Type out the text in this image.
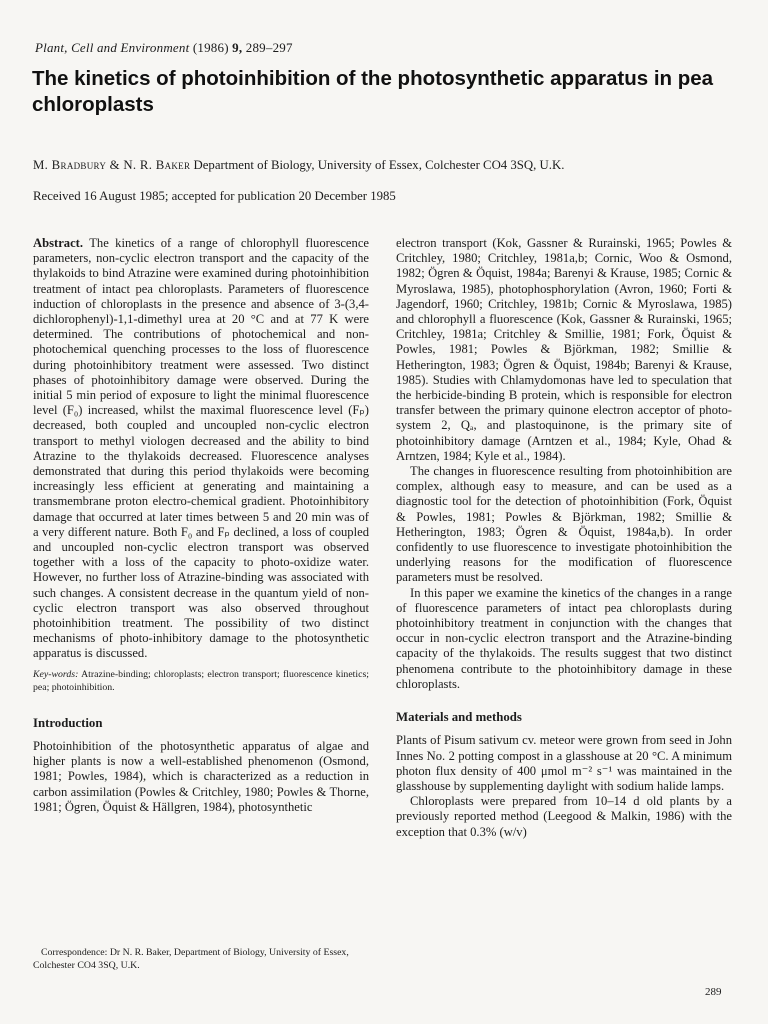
Plant, Cell and Environment (1986) 9, 289–297
The kinetics of photoinhibition of the photosynthetic apparatus in pea chloroplasts
M. Bradbury & N. R. Baker Department of Biology, University of Essex, Colchester CO4 3SQ, U.K.
Received 16 August 1985; accepted for publication 20 December 1985

Abstract. The kinetics of a range of chlorophyll fluorescence parameters, non-cyclic electron transport and the capacity of the thylakoids to bind Atrazine were examined during photoinhibition treatment of intact pea chloroplasts. Parameters of fluorescence induction of chloroplasts in the presence and absence of 3-(3,4-dichlorophenyl)-1,1-dimethyl urea at 20 °C and at 77 K were determined. The contributions of photochemical and non-photochemical quenching processes to the loss of fluorescence during photoinhibitory treatment were assessed. Two distinct phases of photoinhibitory damage were observed. During the initial 5 min period of exposure to light the minimal fluorescence level (F₀) increased, whilst the maximal fluorescence level (Fₚ) decreased, both coupled and uncoupled non-cyclic electron transport to methyl viologen decreased and the ability to bind Atrazine to the thylakoids decreased. Fluorescence analyses demonstrated that during this period thylakoids were becoming increasingly less efficient at generating and maintaining a transmembrane proton electro-chemical gradient. Photoinhibitory damage that occurred at later times between 5 and 20 min was of a very different nature. Both F₀ and Fₚ declined, a loss of coupled and uncoupled non-cyclic electron transport was observed together with a loss of the capacity to photo-oxidize water. However, no further loss of Atrazine-binding was associated with such changes. A consistent decrease in the quantum yield of non-cyclic electron transport was also observed throughout photoinhibition treatment. The possibility of two distinct mechanisms of photo-inhibitory damage to the photosynthetic apparatus is discussed.

Key-words: Atrazine-binding; chloroplasts; electron transport; fluorescence kinetics; pea; photoinhibition.

Introduction

Photoinhibition of the photosynthetic apparatus of algae and higher plants is now a well-established phenomenon (Osmond, 1981; Powles, 1984), which is characterized as a reduction in carbon assimilation (Powles & Critchley, 1980; Powles & Thorne, 1981; Ögren, Öquist & Hällgren, 1984), photosynthetic

Correspondence: Dr N. R. Baker, Department of Biology, University of Essex, Colchester CO4 3SQ, U.K.

electron transport (Kok, Gassner & Rurainski, 1965; Powles & Critchley, 1980; Critchley, 1981a,b; Cornic, Woo & Osmond, 1982; Ögren & Öquist, 1984a; Barenyi & Krause, 1985; Cornic & Myroslawa, 1985), photophosphorylation (Avron, 1960; Forti & Jagendorf, 1960; Critchley, 1981b; Cornic & Myroslawa, 1985) and chlorophyll a fluorescence (Kok, Gassner & Rurainski, 1965; Critchley, 1981a; Critchley & Smillie, 1981; Fork, Öquist & Powles, 1981; Powles & Björkman, 1982; Smillie & Hetherington, 1983; Ögren & Öquist, 1984b; Barenyi & Krause, 1985). Studies with Chlamydomonas have led to speculation that the herbicide-binding B protein, which is responsible for electron transfer between the primary quinone electron acceptor of photo-system 2, Qₐ, and plastoquinone, is the primary site of photoinhibitory damage (Arntzen et al., 1984; Kyle, Ohad & Arntzen, 1984; Kyle et al., 1984).

The changes in fluorescence resulting from photoinhibition are complex, although easy to measure, and can be used as a diagnostic tool for the detection of photoinhibition (Fork, Öquist & Powles, 1981; Powles & Björkman, 1982; Smillie & Hetherington, 1983; Ögren & Öquist, 1984a,b). In order confidently to use fluorescence to investigate photoinhibition the underlying reasons for the modification of fluorescence parameters must be resolved.

In this paper we examine the kinetics of the changes in a range of fluorescence parameters of intact pea chloroplasts during photoinhibitory treatment in conjunction with the changes that occur in non-cyclic electron transport and the Atrazine-binding capacity of the thylakoids. The results suggest that two distinct phenomena contribute to the photoinhibitory damage in these chloroplasts.

Materials and methods

Plants of Pisum sativum cv. meteor were grown from seed in John Innes No. 2 potting compost in a glasshouse at 20 °C. A minimum photon flux density of 400 μmol m⁻² s⁻¹ was maintained in the glasshouse by supplementing daylight with sodium halide lamps.

Chloroplasts were prepared from 10–14 d old plants by a previously reported method (Leegood & Malkin, 1986) with the exception that 0.3% (w/v)

289
